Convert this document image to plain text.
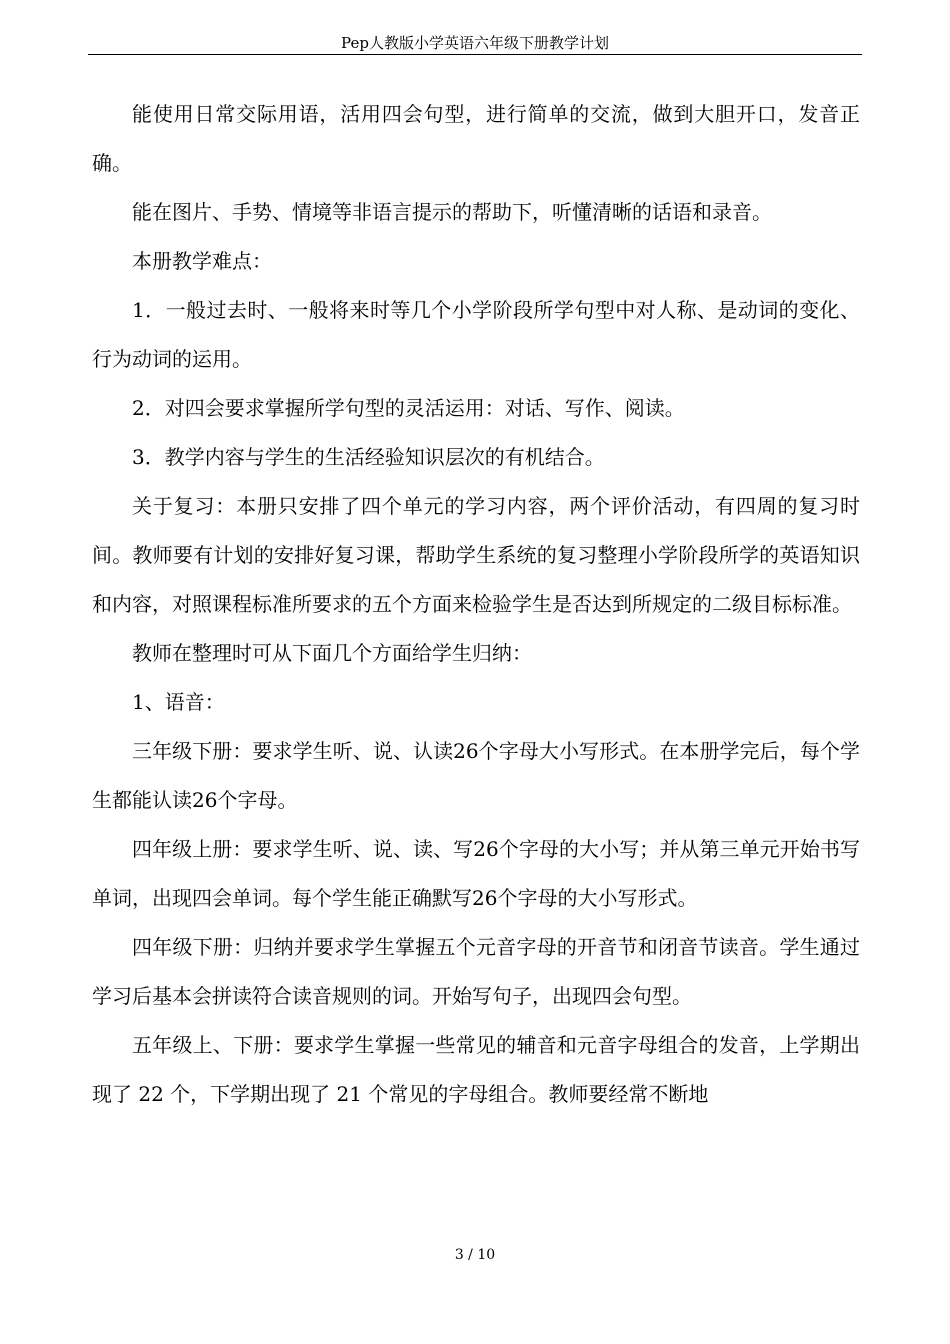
Pep人教版小学英语六年级下册教学计划

能使用日常交际用语，活用四会句型，进行简单的交流，做到大胆开口，发音正确。

能在图片、手势、情境等非语言提示的帮助下，听懂清晰的话语和录音。

本册教学难点：

1．一般过去时、一般将来时等几个小学阶段所学句型中对人称、是动词的变化、行为动词的运用。

2．对四会要求掌握所学句型的灵活运用：对话、写作、阅读。

3．教学内容与学生的生活经验知识层次的有机结合。

关于复习：本册只安排了四个单元的学习内容，两个评价活动，有四周的复习时间。教师要有计划的安排好复习课，帮助学生系统的复习整理小学阶段所学的英语知识和内容，对照课程标准所要求的五个方面来检验学生是否达到所规定的二级目标标准。

教师在整理时可从下面几个方面给学生归纳：

1、语音：

三年级下册：要求学生听、说、认读26个字母大小写形式。在本册学完后，每个学生都能认读26个字母。

四年级上册：要求学生听、说、读、写26个字母的大小写；并从第三单元开始书写单词，出现四会单词。每个学生能正确默写26个字母的大小写形式。

四年级下册：归纳并要求学生掌握五个元音字母的开音节和闭音节读音。学生通过学习后基本会拼读符合读音规则的词。开始写句子，出现四会句型。

五年级上、下册：要求学生掌握一些常见的辅音和元音字母组合的发音，上学期出现了 22 个，下学期出现了 21 个常见的字母组合。教师要经常不断地

3 / 10
